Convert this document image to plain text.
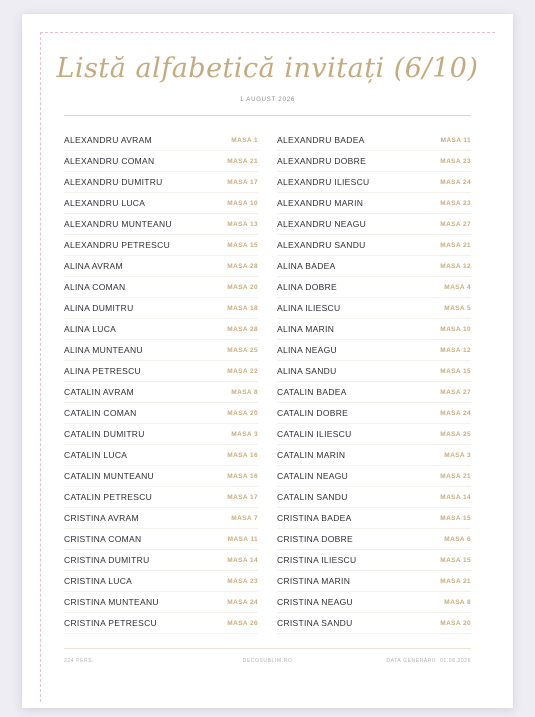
Listă alfabetică invitați (6/10)
1 AUGUST 2026
ALEXANDRU AVRAM	MASA 1
ALEXANDRU COMAN	MASA 21
ALEXANDRU DUMITRU	MASA 17
ALEXANDRU LUCA	MASA 10
ALEXANDRU MUNTEANU	MASA 13
ALEXANDRU PETRESCU	MASA 15
ALINA AVRAM	MASA 28
ALINA COMAN	MASA 20
ALINA DUMITRU	MASA 18
ALINA LUCA	MASA 28
ALINA MUNTEANU	MASA 25
ALINA PETRESCU	MASA 22
CATALIN AVRAM	MASA 8
CATALIN COMAN	MASA 20
CATALIN DUMITRU	MASA 3
CATALIN LUCA	MASA 16
CATALIN MUNTEANU	MASA 16
CATALIN PETRESCU	MASA 17
CRISTINA AVRAM	MASA 7
CRISTINA COMAN	MASA 11
CRISTINA DUMITRU	MASA 14
CRISTINA LUCA	MASA 23
CRISTINA MUNTEANU	MASA 24
CRISTINA PETRESCU	MASA 26
ALEXANDRU BADEA	MASA 11
ALEXANDRU DOBRE	MASA 23
ALEXANDRU ILIESCU	MASA 24
ALEXANDRU MARIN	MASA 23
ALEXANDRU NEAGU	MASA 27
ALEXANDRU SANDU	MASA 21
ALINA BADEA	MASA 12
ALINA DOBRE	MASA 4
ALINA ILIESCU	MASA 5
ALINA MARIN	MASA 10
ALINA NEAGU	MASA 12
ALINA SANDU	MASA 15
CATALIN BADEA	MASA 27
CATALIN DOBRE	MASA 24
CATALIN ILIESCU	MASA 25
CATALIN MARIN	MASA 3
CATALIN NEAGU	MASA 21
CATALIN SANDU	MASA 14
CRISTINA BADEA	MASA 15
CRISTINA DOBRE	MASA 6
CRISTINA ILIESCU	MASA 15
CRISTINA MARIN	MASA 21
CRISTINA NEAGU	MASA 8
CRISTINA SANDU	MASA 20
224 PERS.	DECOSUBLIM.RO	DATA GENERĂRII: 01.08.2026
